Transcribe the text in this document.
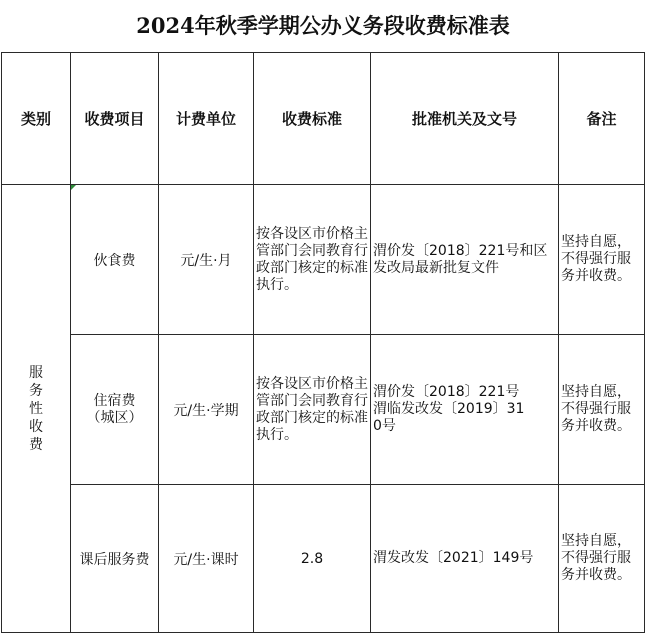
2024年秋季学期公办义务段收费标准表
类别	收费项目	计费单位	收费标准	批准机关及文号	备注
服务性收费	伙食费	元/生·月	按各设区市价格主管部门会同教育行政部门核定的标准执行。	渭价发〔2018〕221号和区发改局最新批复文件	坚持自愿，不得强行服务并收费。
	住宿费（城区）	元/生·学期	按各设区市价格主管部门会同教育行政部门核定的标准执行。	渭价发〔2018〕221号渭临发改发〔2019〕310号	坚持自愿，不得强行服务并收费。
	课后服务费	元/生·课时	2.8	渭发改发〔2021〕149号	坚持自愿，不得强行服务并收费。
